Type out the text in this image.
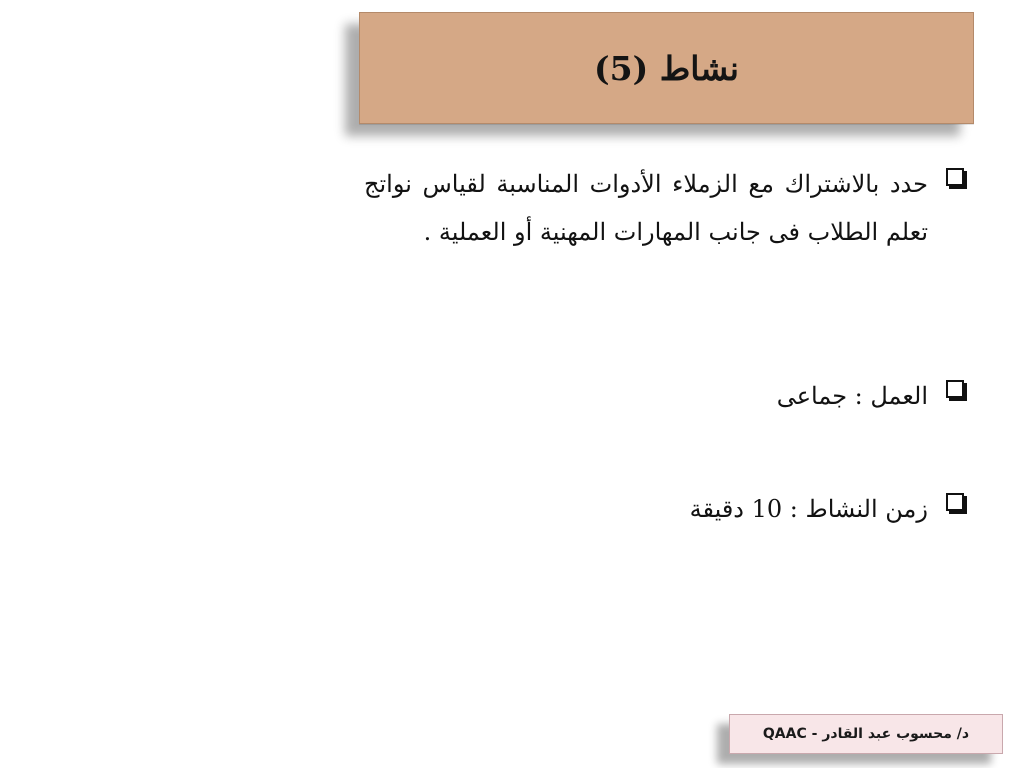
نشاط (5)
حدد بالاشتراك مع الزملاء الأدوات المناسبة لقياس نواتج تعلم الطلاب فى جانب المهارات المهنية أو العملية .
العمل : جماعى
زمن النشاط : 10 دقيقة
د/ محسوب عبد القادر - QAAC
